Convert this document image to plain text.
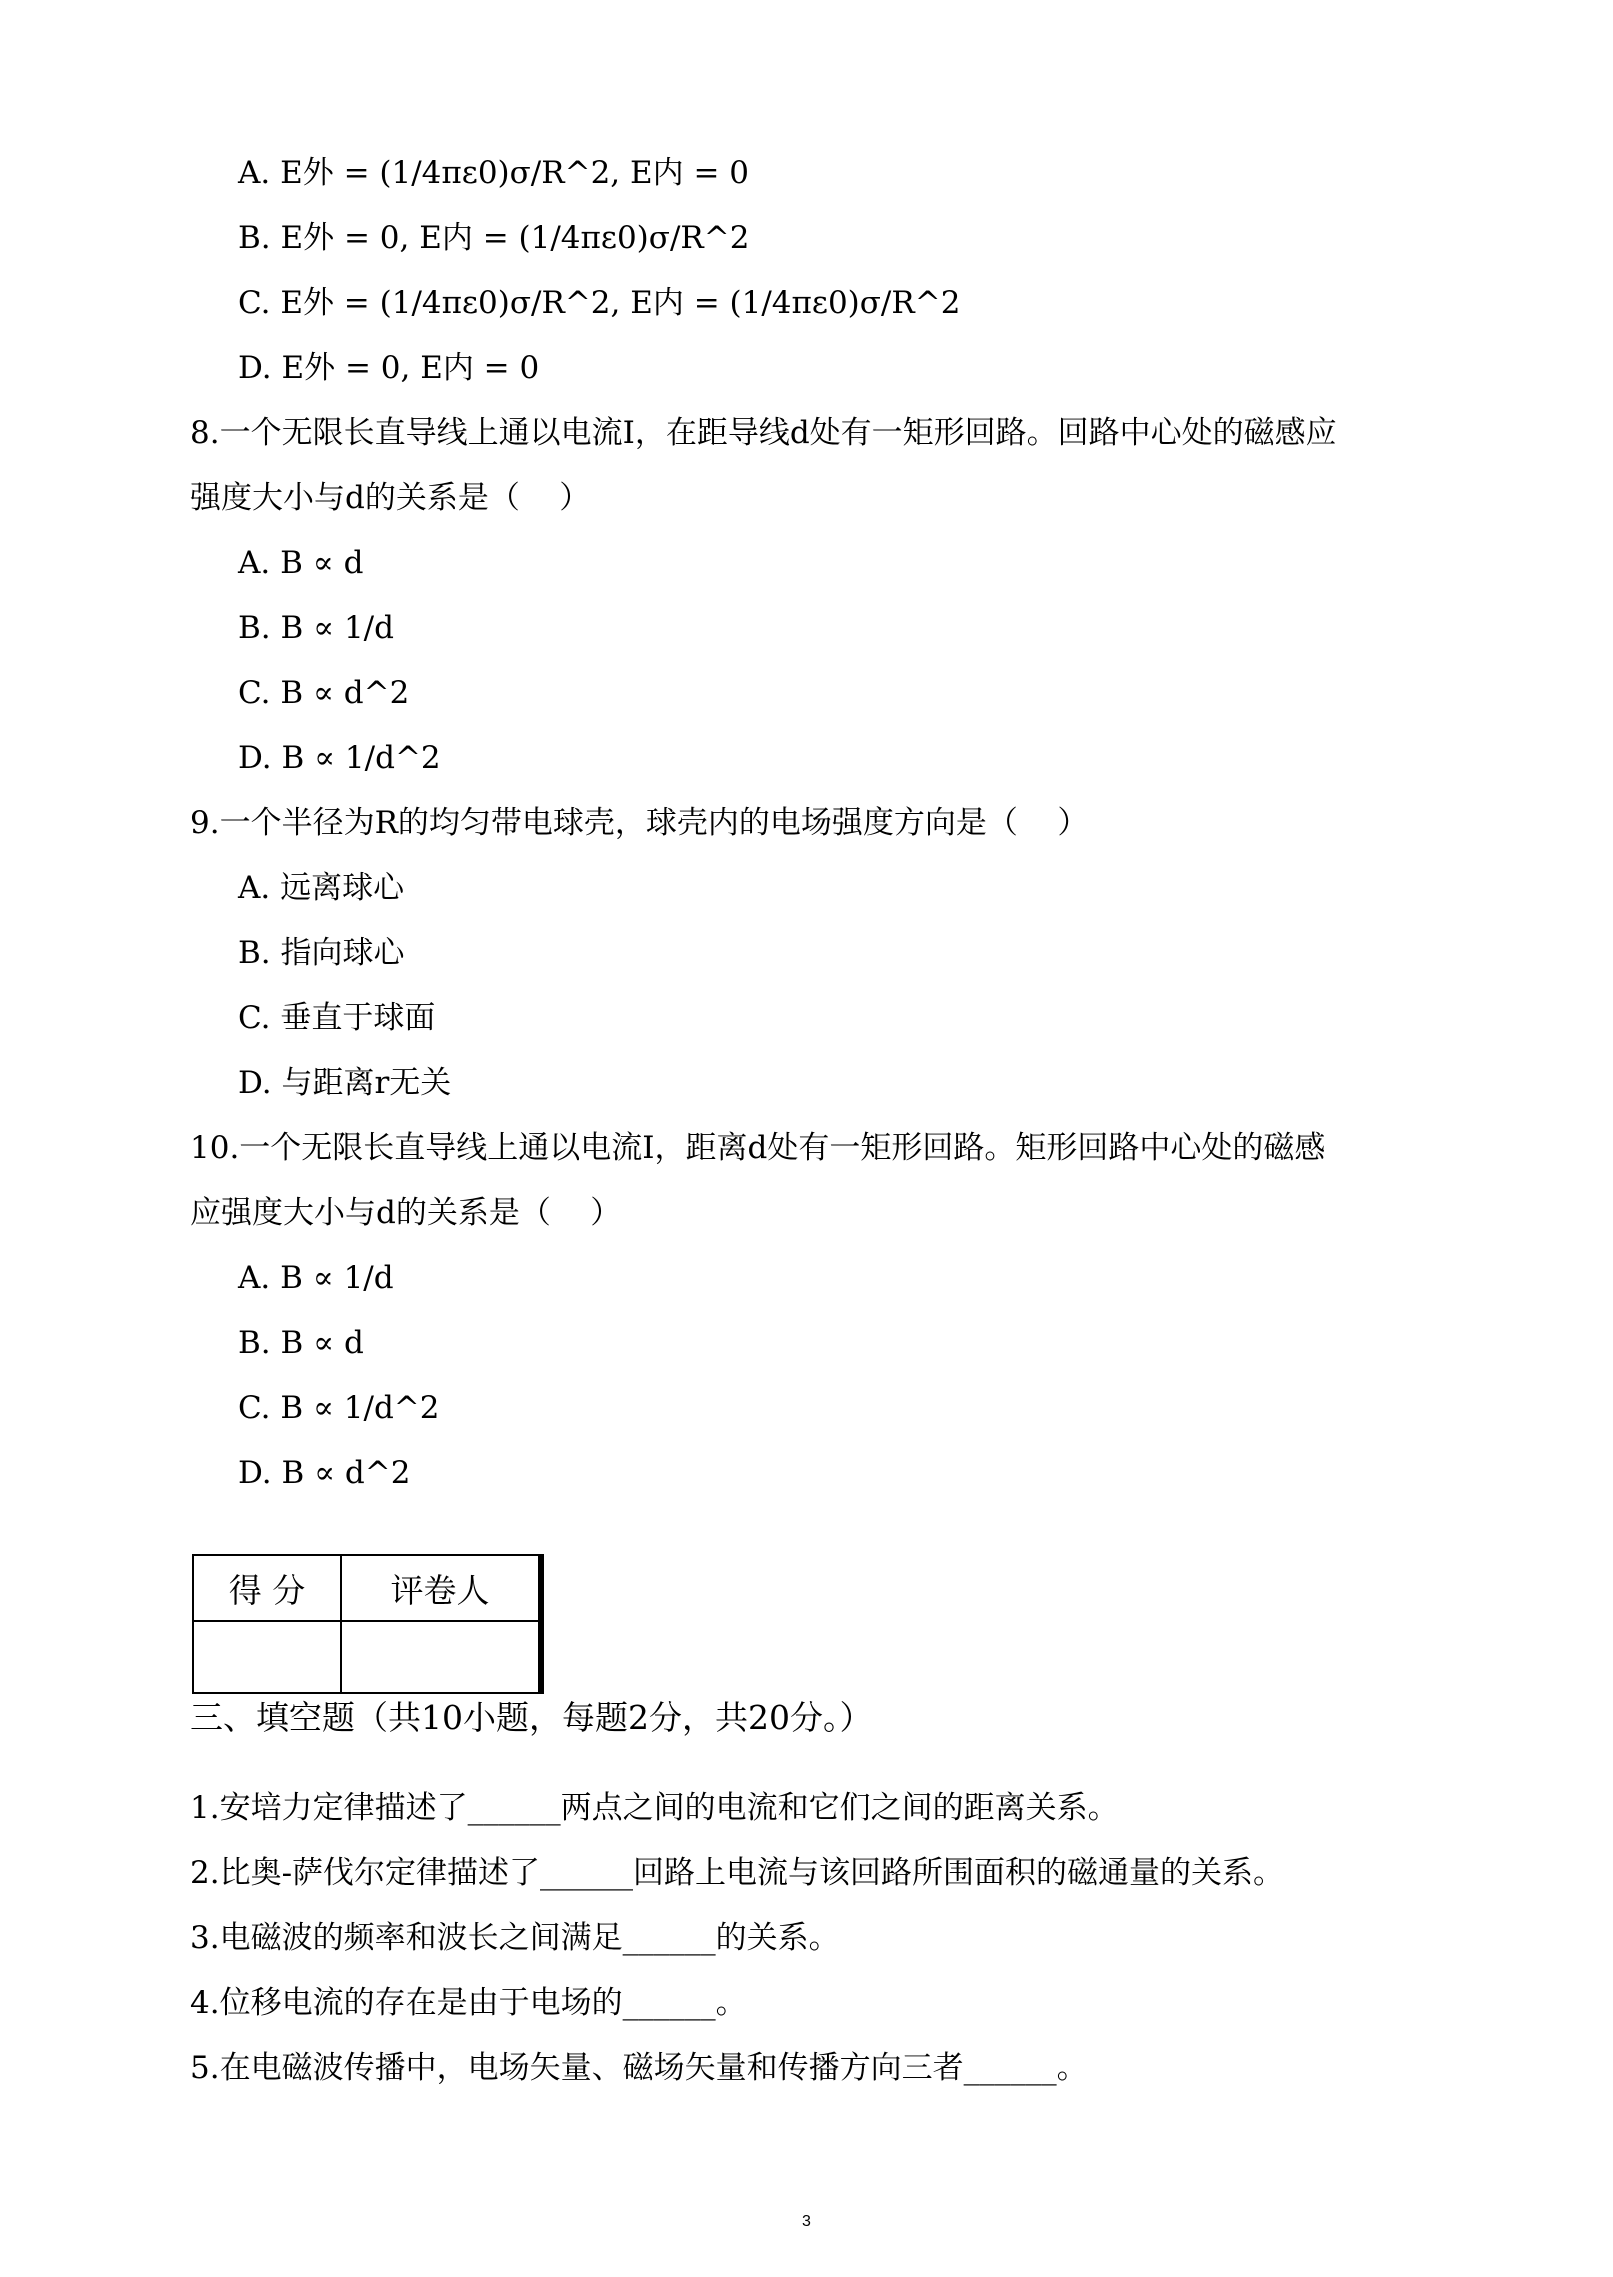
A. E外 = (1/4πε0)σ/R^2, E内 = 0
B. E外 = 0, E内 = (1/4πε0)σ/R^2
C. E外 = (1/4πε0)σ/R^2, E内 = (1/4πε0)σ/R^2
D. E外 = 0, E内 = 0
8.一个无限长直导线上通以电流I，在距导线d处有一矩形回路。回路中心处的磁感应
强度大小与d的关系是（    ）
A. B ∝ d
B. B ∝ 1/d
C. B ∝ d^2
D. B ∝ 1/d^2
9.一个半径为R的均匀带电球壳，球壳内的电场强度方向是（    ）
A. 远离球心
B. 指向球心
C. 垂直于球面
D. 与距离r无关
10.一个无限长直导线上通以电流I，距离d处有一矩形回路。矩形回路中心处的磁感
应强度大小与d的关系是（    ）
A. B ∝ 1/d
B. B ∝ d
C. B ∝ 1/d^2
D. B ∝ d^2
得 分	评卷人

三、填空题（共10小题，每题2分，共20分。）
1.安培力定律描述了______两点之间的电流和它们之间的距离关系。
2.比奥-萨伐尔定律描述了______回路上电流与该回路所围面积的磁通量的关系。
3.电磁波的频率和波长之间满足______的关系。
4.位移电流的存在是由于电场的______。
5.在电磁波传播中，电场矢量、磁场矢量和传播方向三者______。
3
